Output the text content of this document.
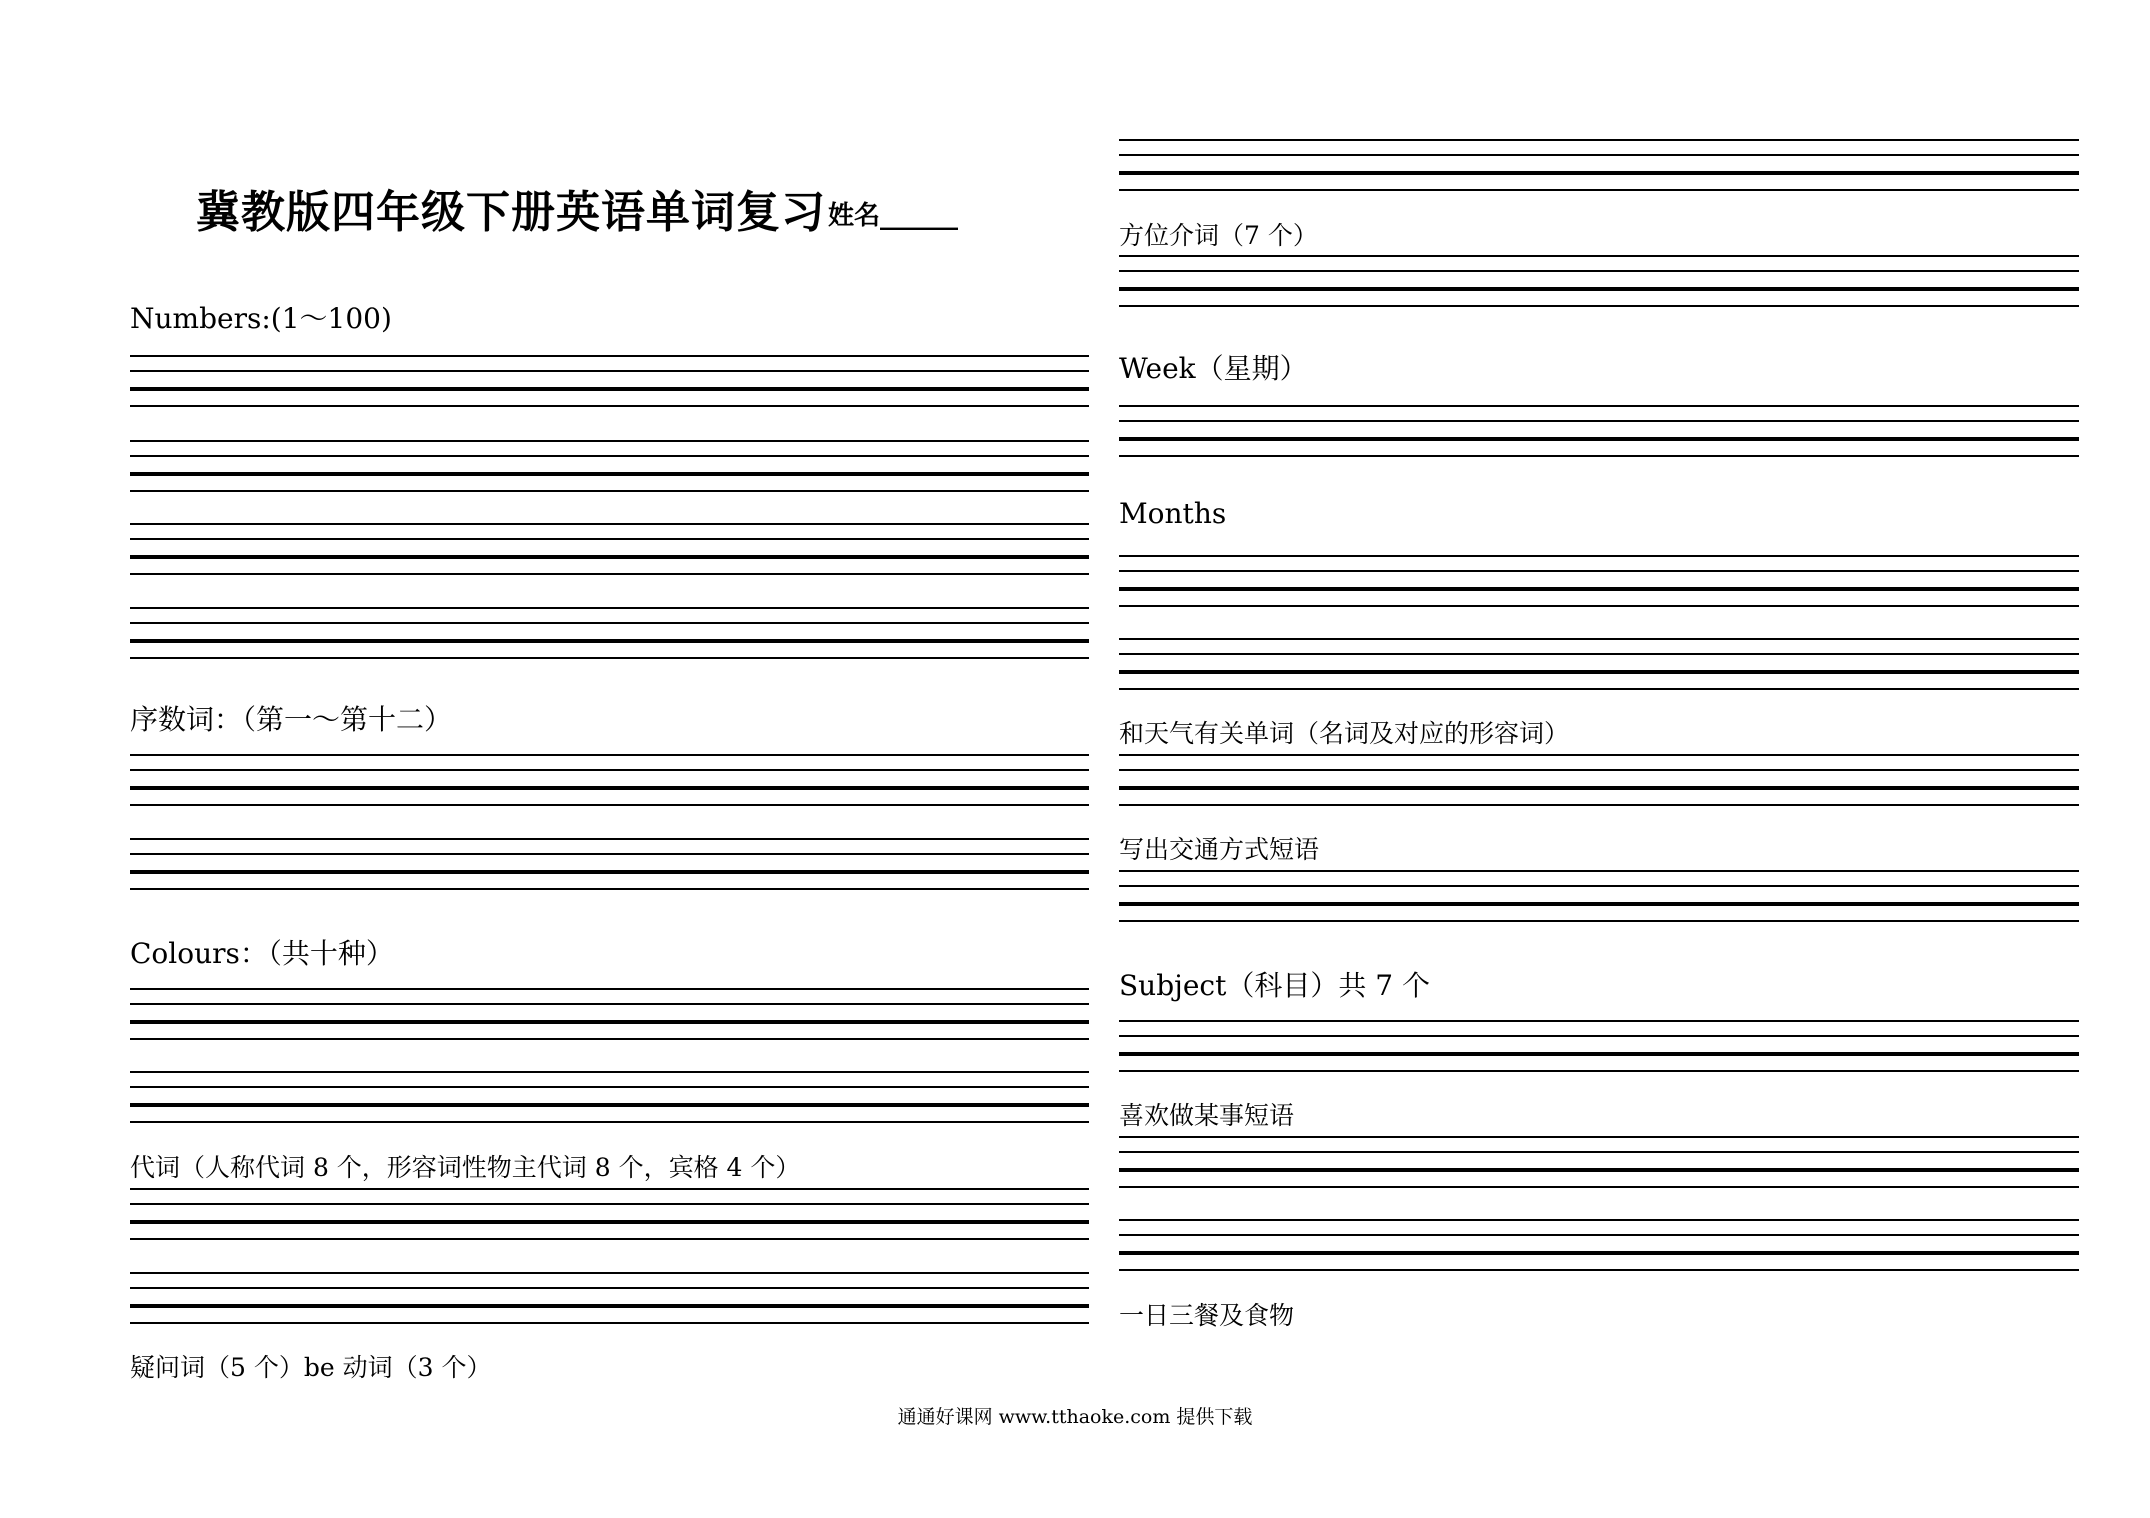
冀教版四年级下册英语单词复习 姓名______
Numbers:(1～100)
序数词：（第一～第十二）
Colours：（共十种）
代词（人称代词 8 个，形容词性物主代词 8 个，宾格 4 个）
疑问词（5 个）be 动词（3 个）
方位介词（7 个）
Week（星期）
Months
和天气有关单词（名词及对应的形容词）
写出交通方式短语
Subject（科目）共 7 个
喜欢做某事短语
一日三餐及食物
通通好课网 www.tthaoke.com 提供下载
